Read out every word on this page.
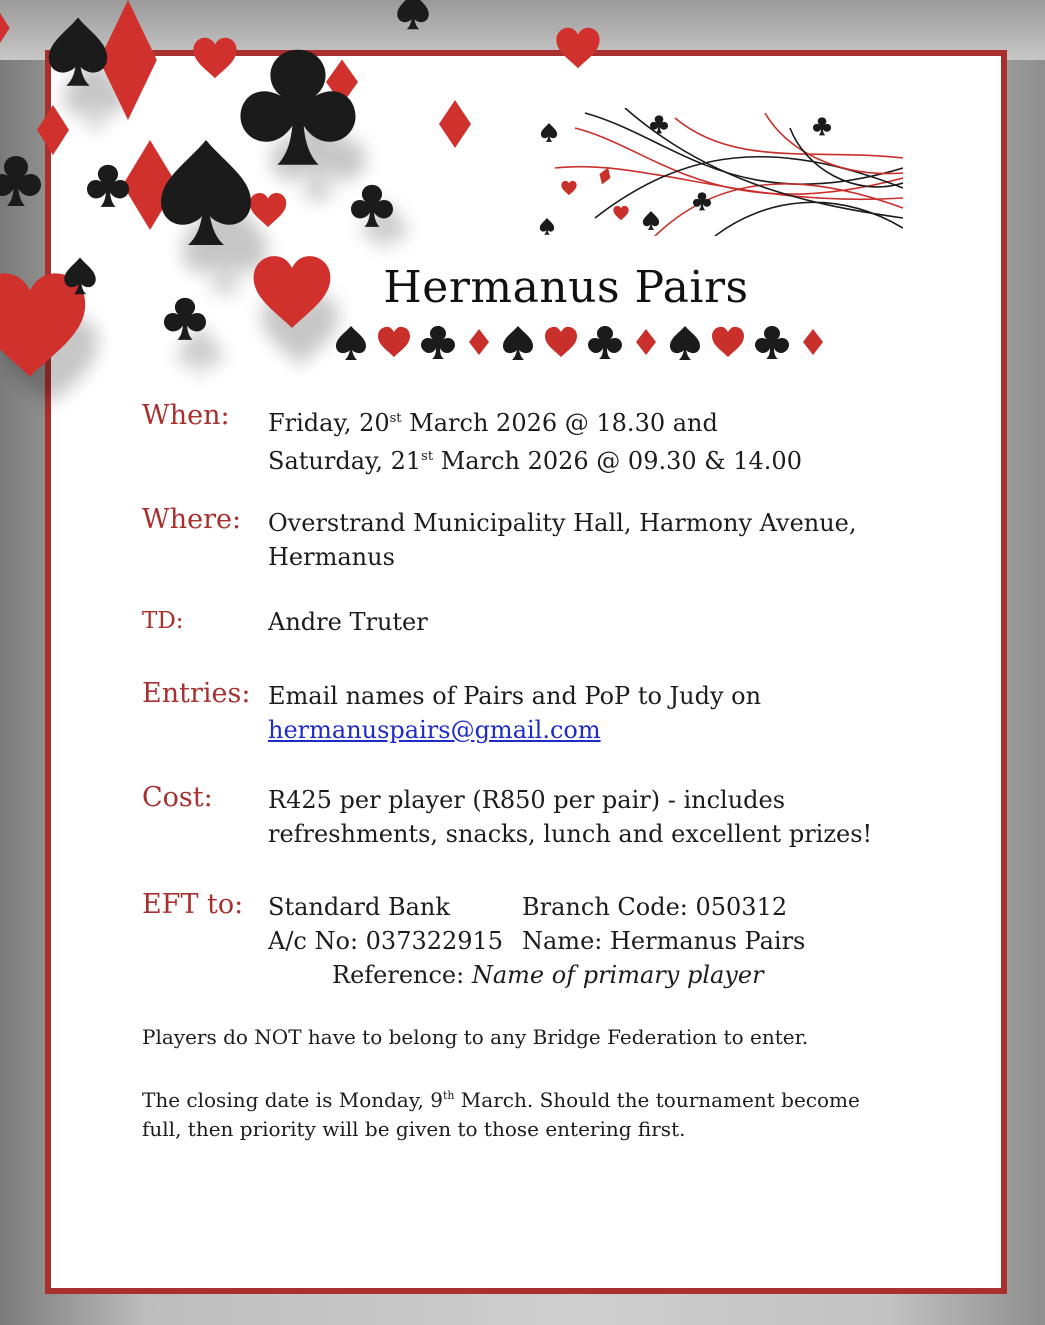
Hermanus Pairs
When: Friday, 20st March 2026 @ 18.30 and
Saturday, 21st March 2026 @ 09.30 & 14.00
Where: Overstrand Municipality Hall, Harmony Avenue,
Hermanus
TD:	Andre Truter
Entries: Email names of Pairs and PoP to Judy on
hermanuspairs@gmail.com
Cost: R425 per player (R850 per pair) - includes
refreshments, snacks, lunch and excellent prizes!
EFT to: Standard Bank	Branch Code: 050312
A/c No: 037322915 Name: Hermanus Pairs
Reference: Name of primary player
Players do NOT have to belong to any Bridge Federation to enter.
The closing date is Monday, 9th March. Should the tournament become
full, then priority will be given to those entering first.
